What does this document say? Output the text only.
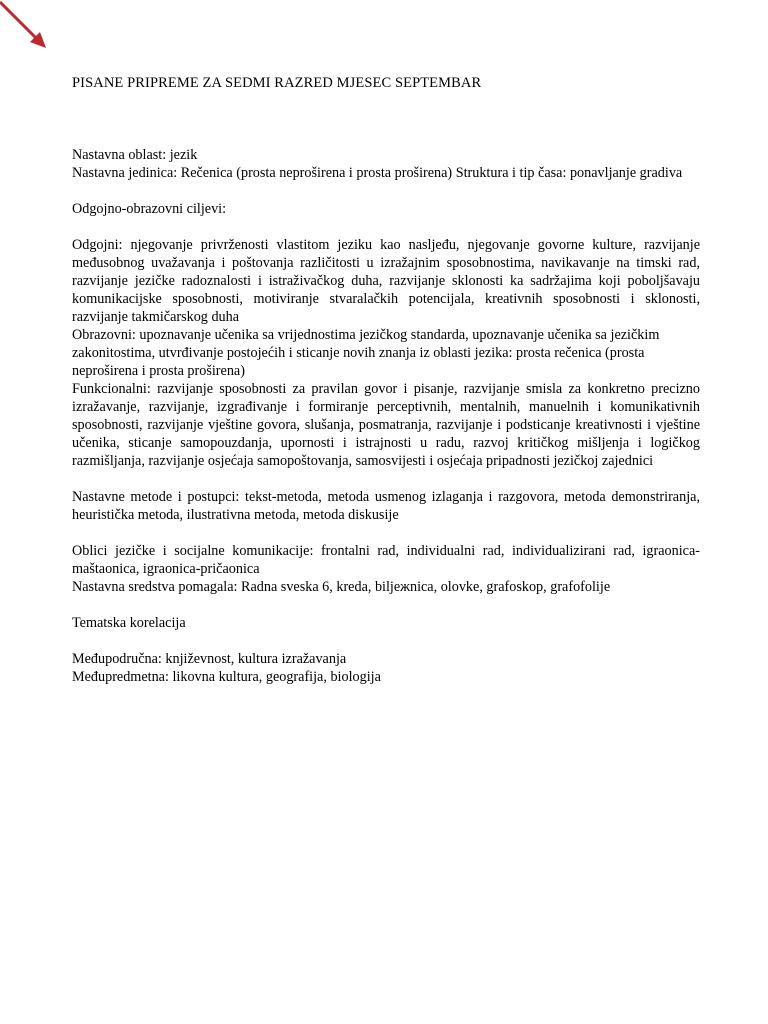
PISANE PRIPREME ZA SEDMI RAZRED MJESEC SEPTEMBAR

Nastavna oblast: jezik

Nastavna jedinica: Rečenica (prosta neproširena i prosta proširena) Struktura i tip časa: ponavljanje gradiva

Odgojno-obrazovni ciljevi:

Odgojni: njegovanje privrženosti vlastitom jeziku kao nasljeđu, njegovanje govorne kulture, razvijanje međusobnog uvažavanja i poštovanja različitosti u izražajnim sposobnostima, navikavanje na timski rad, razvijanje jezičke radoznalosti i istraživačkog duha, razvijanje sklonosti ka sadržajima koji poboljšavaju komunikacijske sposobnosti, motiviranje stvaralačkih potencijala, kreativnih sposobnosti i sklonosti, razvijanje takmičarskog duha

Obrazovni: upoznavanje učenika sa vrijednostima jezičkog standarda, upoznavanje učenika sa jezičkim zakonitostima, utvrđivanje postojećih i sticanje novih znanja iz oblasti jezika: prosta rečenica (prosta neproširena i prosta proširena)

Funkcionalni: razvijanje sposobnosti za pravilan govor i pisanje, razvijanje smisla za konkretno precizno izražavanje, razvijanje, izgrađivanje i formiranje perceptivnih, mentalnih, manuelnih i komunikativnih sposobnosti, razvijanje vještine govora, slušanja, posmatranja, razvijanje i podsticanje kreativnosti i vještine učenika, sticanje samopouzdanja, upornosti i istrajnosti u radu, razvoj kritičkog mišljenja i logičkog razmišljanja, razvijanje osjećaja samopoštovanja, samosvijesti i osjećaja pripadnosti jezičkoj zajednici

Nastavne metode i postupci: tekst-metoda, metoda usmenog izlaganja i razgovora, metoda demonstriranja, heuristička metoda, ilustrativna metoda, metoda diskusije

Oblici jezičke i socijalne komunikacije: frontalni rad, individualni rad, individualizirani rad, igraonica-maštaonica, igraonica-pričaonica

Nastavna sredstva pomagala: Radna sveska 6, kreda, biljежnica, olovke, grafoskop, grafofolije

Tematska korelacija

Međupodručna: književnost, kultura izražavanja

Međupredmetna: likovna kultura, geografija, biologija
